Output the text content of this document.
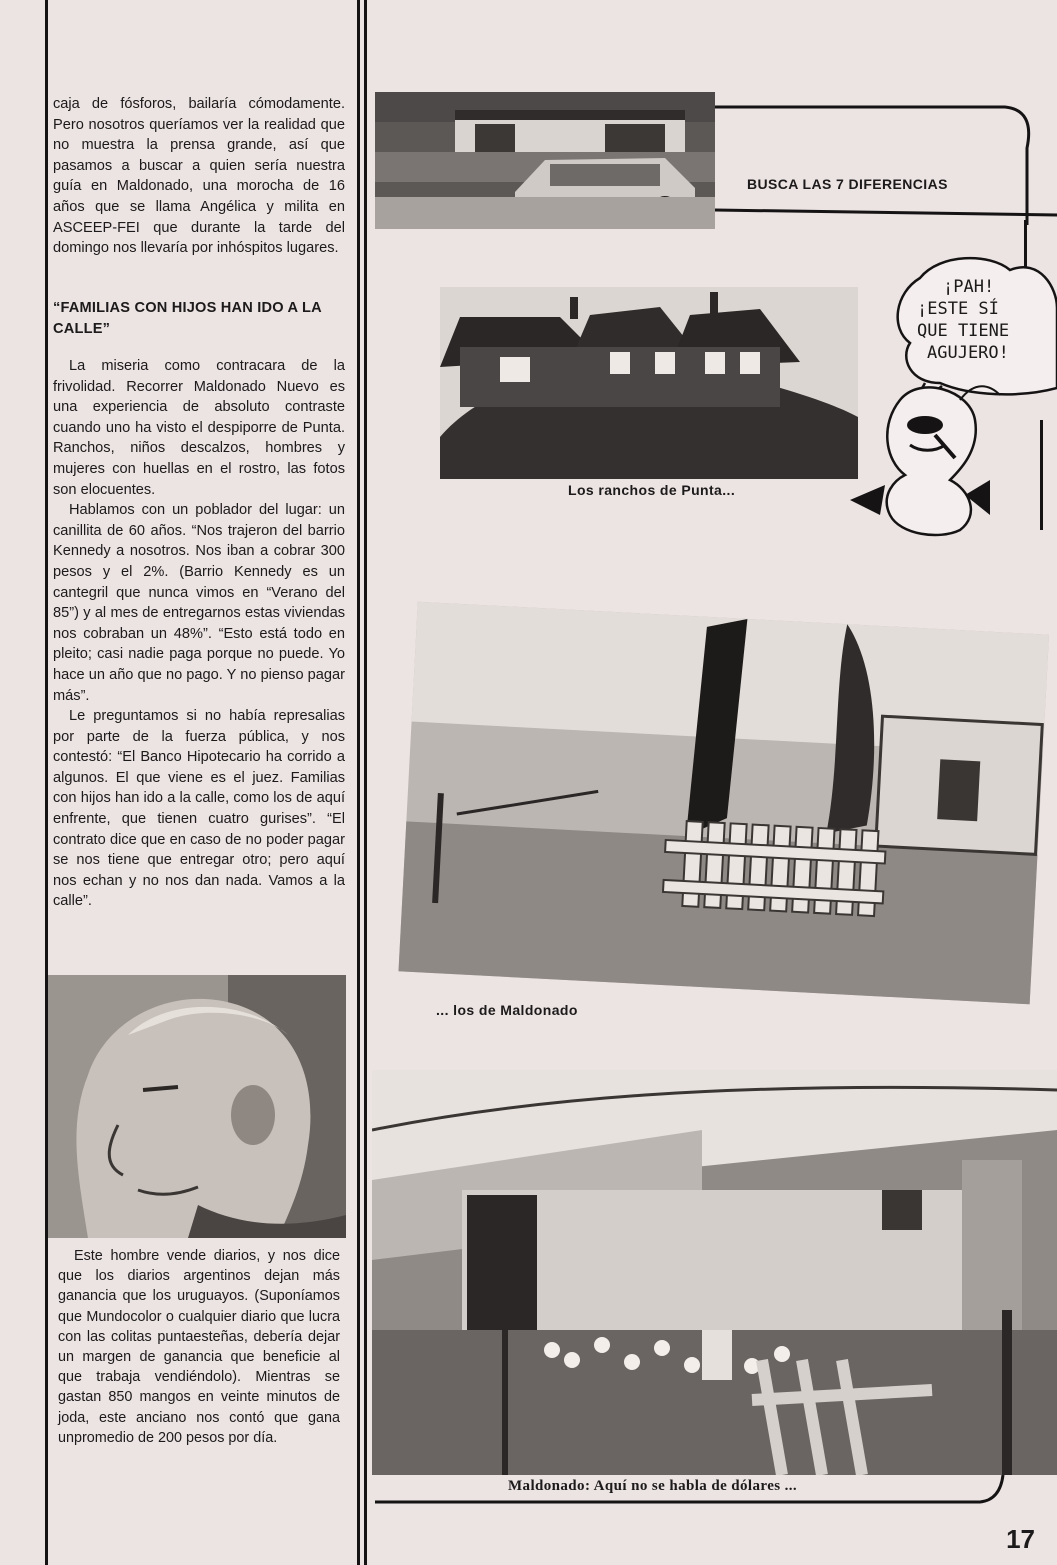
caja de fósforos, bailaría cómodamente. Pero nosotros queríamos ver la realidad que no muestra la prensa grande, así que pasamos a buscar a quien sería nuestra guía en Maldonado, una morocha de 16 años que se llama Angélica y milita en ASCEEP-FEI que durante la tarde del domingo nos llevaría por inhóspitos lugares.

“FAMILIAS CON HIJOS HAN IDO A LA CALLE”

La miseria como contracara de la frivolidad. Recorrer Maldonado Nuevo es una experiencia de absoluto contraste cuando uno ha visto el despiporre de Punta. Ranchos, niños descalzos, hombres y mujeres con huellas en el rostro, las fotos son elocuentes.

Hablamos con un poblador del lugar: un canillita de 60 años. “Nos trajeron del barrio Kennedy a nosotros. Nos iban a cobrar 300 pesos y el 2%. (Barrio Kennedy es un cantegril que nunca vimos en “Verano del 85”) y al mes de entregarnos estas viviendas nos cobraban un 48%”. “Esto está todo en pleito; casi nadie paga porque no puede. Yo hace un año que no pago. Y no pienso pagar más”.

Le preguntamos si no había represalias por parte de la fuerza pública, y nos contestó: “El Banco Hipotecario ha corrido a algunos. El que viene es el juez. Familias con hijos han ido a la calle, como los de aquí enfrente, que tienen cuatro gurises”. “El contrato dice que en caso de no poder pagar se nos tiene que entregar otro; pero aquí nos echan y no nos dan nada. Vamos a la calle”.

Este hombre vende diarios, y nos dice que los diarios argentinos dejan más ganancia que los uruguayos. (Suponíamos que Mundocolor o cualquier diario que lucra con las colitas puntaesteñas, debería dejar un margen de ganancia que beneficie al que trabaja vendiéndolo). Mientras se gastan 850 mangos en veinte minutos de joda, este anciano nos contó que gana unpromedio de 200 pesos por día.

BUSCA LAS 7 DIFERENCIAS
Los ranchos de Punta...
¡PAH!
¡ESTE SÍ
QUE TIENE
AGUJERO!
... los de Maldonado
Maldonado: Aquí no se habla de dólares ...
17
